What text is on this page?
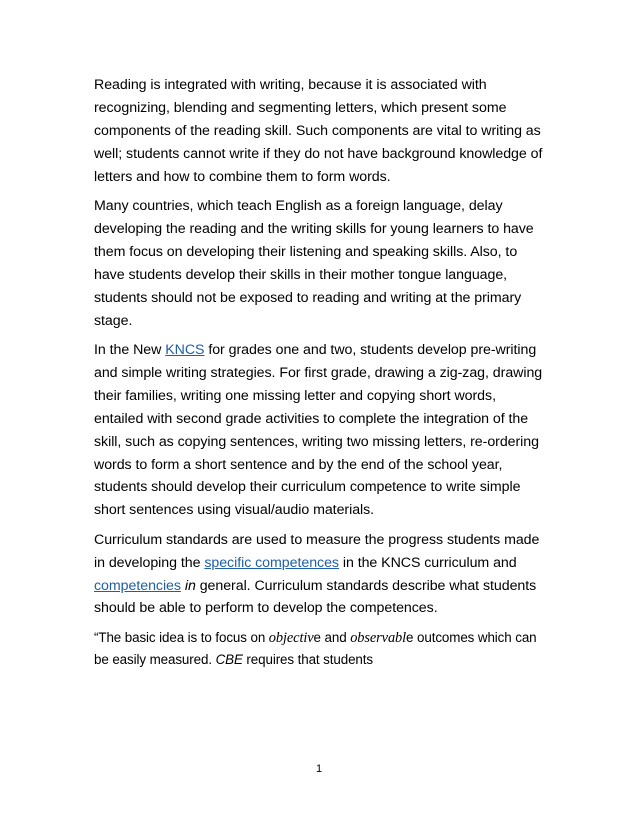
Reading is integrated with writing, because it is associated with recognizing, blending and segmenting letters, which present some components of the reading skill. Such components are vital to writing as well; students cannot write if they do not have background knowledge of letters and how to combine them to form words.

Many countries, which teach English as a foreign language, delay developing the reading and the writing skills for young learners to have them focus on developing their listening and speaking skills. Also, to have students develop their skills in their mother tongue language, students should not be exposed to reading and writing at the primary stage.

In the New KNCS for grades one and two, students develop pre-writing and simple writing strategies. For first grade, drawing a zig-zag, drawing their families, writing one missing letter and copying short words, entailed with second grade activities to complete the integration of the skill, such as copying sentences, writing two missing letters, re-ordering words to form a short sentence and by the end of the school year, students should develop their curriculum competence to write simple short sentences using visual/audio materials.

Curriculum standards are used to measure the progress students made in developing the specific competences in the KNCS curriculum and competencies in general. Curriculum standards describe what students should be able to perform to develop the competences.

“The basic idea is to focus on objective and observable outcomes which can be easily measured. CBE requires that students

1
